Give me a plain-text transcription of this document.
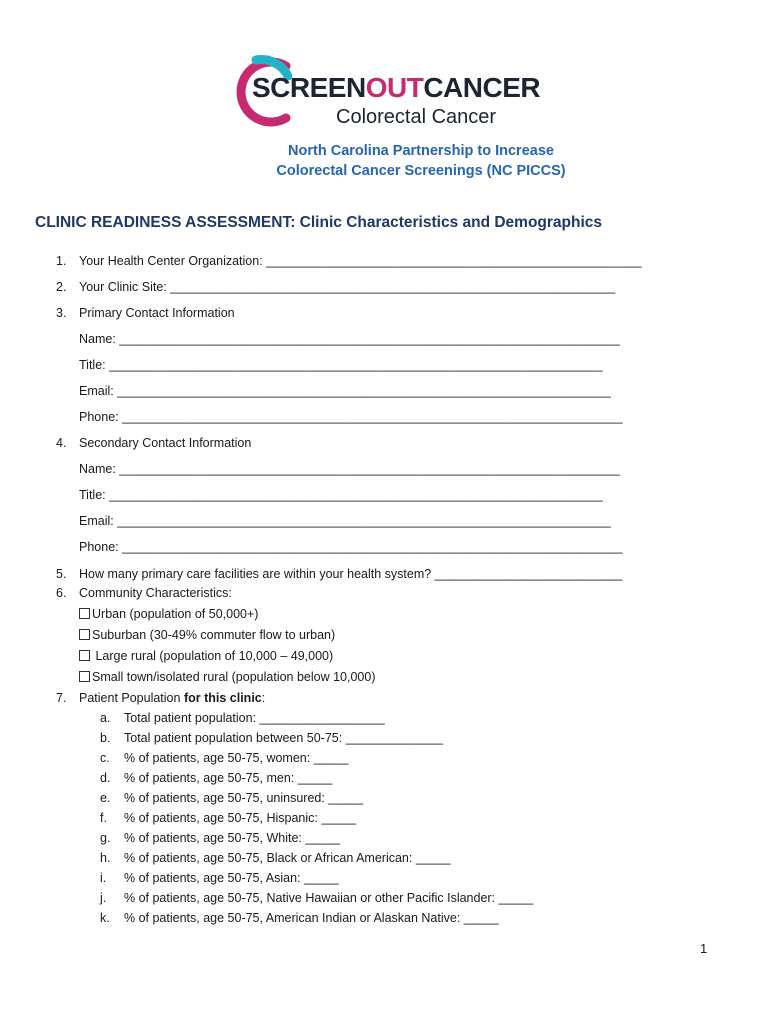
SCREENOUTCANCER
Colorectal Cancer
North Carolina Partnership to Increase
Colorectal Cancer Screenings (NC PICCS)
CLINIC READINESS ASSESSMENT: Clinic Characteristics and Demographics
1. Your Health Center Organization: ______________________________________________________
2. Your Clinic Site: ________________________________________________________________
3. Primary Contact Information
Name: ________________________________________________________________________
Title: _______________________________________________________________________
Email: _______________________________________________________________________
Phone: ________________________________________________________________________
4. Secondary Contact Information
Name: ________________________________________________________________________
Title: _______________________________________________________________________
Email: _______________________________________________________________________
Phone: ________________________________________________________________________
5. How many primary care facilities are within your health system? ___________________________
6. Community Characteristics:
Urban (population of 50,000+)
Suburban (30-49% commuter flow to urban)
Large rural (population of 10,000 – 49,000)
Small town/isolated rural (population below 10,000)
7. Patient Population for this clinic:
a. Total patient population: __________________
b. Total patient population between 50-75: ______________
c. % of patients, age 50-75, women: _____
d. % of patients, age 50-75, men: _____
e. % of patients, age 50-75, uninsured: _____
f. % of patients, age 50-75, Hispanic: _____
g. % of patients, age 50-75, White: _____
h. % of patients, age 50-75, Black or African American: _____
i. % of patients, age 50-75, Asian: _____
j. % of patients, age 50-75, Native Hawaiian or other Pacific Islander: _____
k. % of patients, age 50-75, American Indian or Alaskan Native: _____
1
